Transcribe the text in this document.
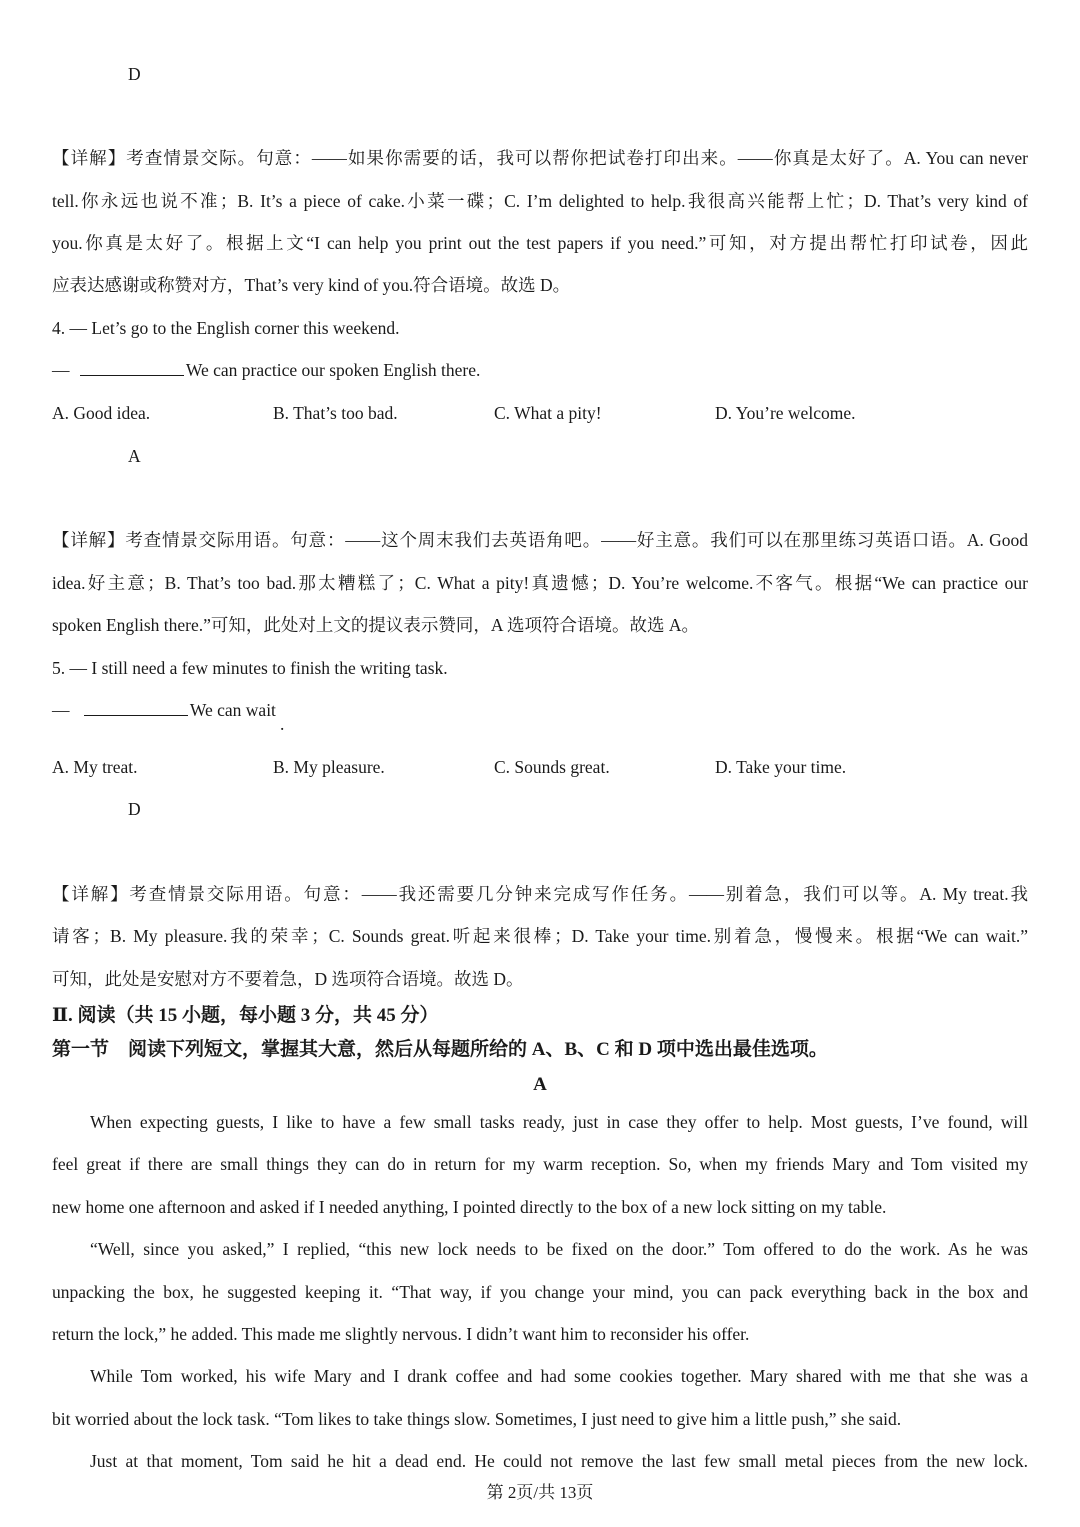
D
【详解】考查情景交际。句意：——如果你需要的话，我可以帮你把试卷打印出来。——你真是太好了。A. You can never
tell.你永远也说不准；B. It’s a piece of cake.小菜一碟；C. I’m delighted to help.我很高兴能帮上忙；D. That’s very kind of
you.你真是太好了。根据上文“I can help you print out the test papers if you need.”可知，对方提出帮忙打印试卷，因此
应表达感谢或称赞对方，That’s very kind of you.符合语境。故选 D。
4. — Let’s go to the English corner this weekend.
—	We can practice our spoken English there.
A. Good idea.	B. That’s too bad.	C. What a pity!	D. You’re welcome.
A
【详解】考查情景交际用语。句意：——这个周末我们去英语角吧。——好主意。我们可以在那里练习英语口语。A. Good
idea.好主意；B. That’s too bad.那太糟糕了；C. What a pity!真遗憾；D. You’re welcome.不客气。根据“We can practice our
spoken English there.”可知，此处对上文的提议表示赞同，A 选项符合语境。故选 A。
5. — I still need a few minutes to finish the writing task.
—	We can wait
.
A. My treat.	B. My pleasure.	C. Sounds great.	D. Take your time.
D
【详解】考查情景交际用语。句意：——我还需要几分钟来完成写作任务。——别着急，我们可以等。A. My treat.我
请客；B. My pleasure.我的荣幸；C. Sounds great.听起来很棒；D. Take your time.别着急，慢慢来。根据“We can wait.”
可知，此处是安慰对方不要着急，D 选项符合语境。故选 D。
Ⅱ. 阅读（共 15 小题，每小题 3 分，共 45 分）
第一节　阅读下列短文，掌握其大意，然后从每题所给的 A、B、C 和 D 项中选出最佳选项。
A
When expecting guests, I like to have a few small tasks ready, just in case they offer to help. Most guests, I’ve found, will
feel great if there are small things they can do in return for my warm reception. So, when my friends Mary and Tom visited my
new home one afternoon and asked if I needed anything, I pointed directly to the box of a new lock sitting on my table.
“Well, since you asked,” I replied, “this new lock needs to be fixed on the door.” Tom offered to do the work. As he was
unpacking the box, he suggested keeping it. “That way, if you change your mind, you can pack everything back in the box and
return the lock,” he added. This made me slightly nervous. I didn’t want him to reconsider his offer.
While Tom worked, his wife Mary and I drank coffee and had some cookies together. Mary shared with me that she was a
bit worried about the lock task. “Tom likes to take things slow. Sometimes, I just need to give him a little push,” she said.
Just at that moment, Tom said he hit a dead end. He could not remove the last few small metal pieces from the new lock.
第 2页/共 13页
